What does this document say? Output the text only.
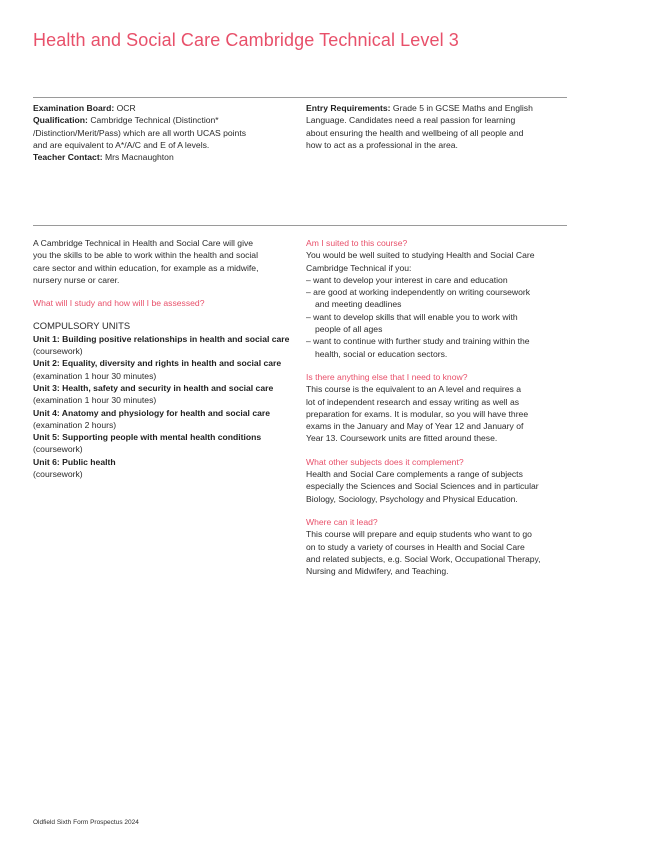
Health and Social Care Cambridge Technical Level 3

Examination Board: OCR

Qualification: Cambridge Technical (Distinction*

/Distinction/Merit/Pass) which are all worth UCAS points

and are equivalent to A*/A/C and E of A levels.

Teacher Contact: Mrs Macnaughton

Entry Requirements: Grade 5 in GCSE Maths and English

Language. Candidates need a real passion for learning

about ensuring the health and wellbeing of all people and

how to act as a professional in the area.

A Cambridge Technical in Health and Social Care will give

you the skills to be able to work within the health and social

care sector and within education, for example as a midwife,

nursery nurse or carer.

What will I study and how will I be assessed?

COMPULSORY UNITS

Unit 1: Building positive relationships in health and social care

(coursework)

Unit 2: Equality, diversity and rights in health and social care

(examination 1 hour 30 minutes)

Unit 3: Health, safety and security in health and social care

(examination 1 hour 30 minutes)

Unit 4: Anatomy and physiology for health and social care

(examination 2 hours)

Unit 5: Supporting people with mental health conditions

(coursework)

Unit 6: Public health

(coursework)

Am I suited to this course?

You would be well suited to studying Health and Social Care

Cambridge Technical if you:

– want to develop your interest in care and education

– are good at working independently on writing coursework

and meeting deadlines

– want to develop skills that will enable you to work with

people of all ages

– want to continue with further study and training within the

health, social or education sectors.

Is there anything else that I need to know?

This course is the equivalent to an A level and requires a

lot of independent research and essay writing as well as

preparation for exams. It is modular, so you will have three

exams in the January and May of Year 12 and January of

Year 13. Coursework units are fitted around these.

What other subjects does it complement?

Health and Social Care complements a range of subjects

especially the Sciences and Social Sciences and in particular

Biology, Sociology, Psychology and Physical Education.

Where can it lead?

This course will prepare and equip students who want to go

on to study a variety of courses in Health and Social Care

and related subjects, e.g. Social Work, Occupational Therapy,

Nursing and Midwifery, and Teaching.

Oldfield Sixth Form Prospectus 2024
